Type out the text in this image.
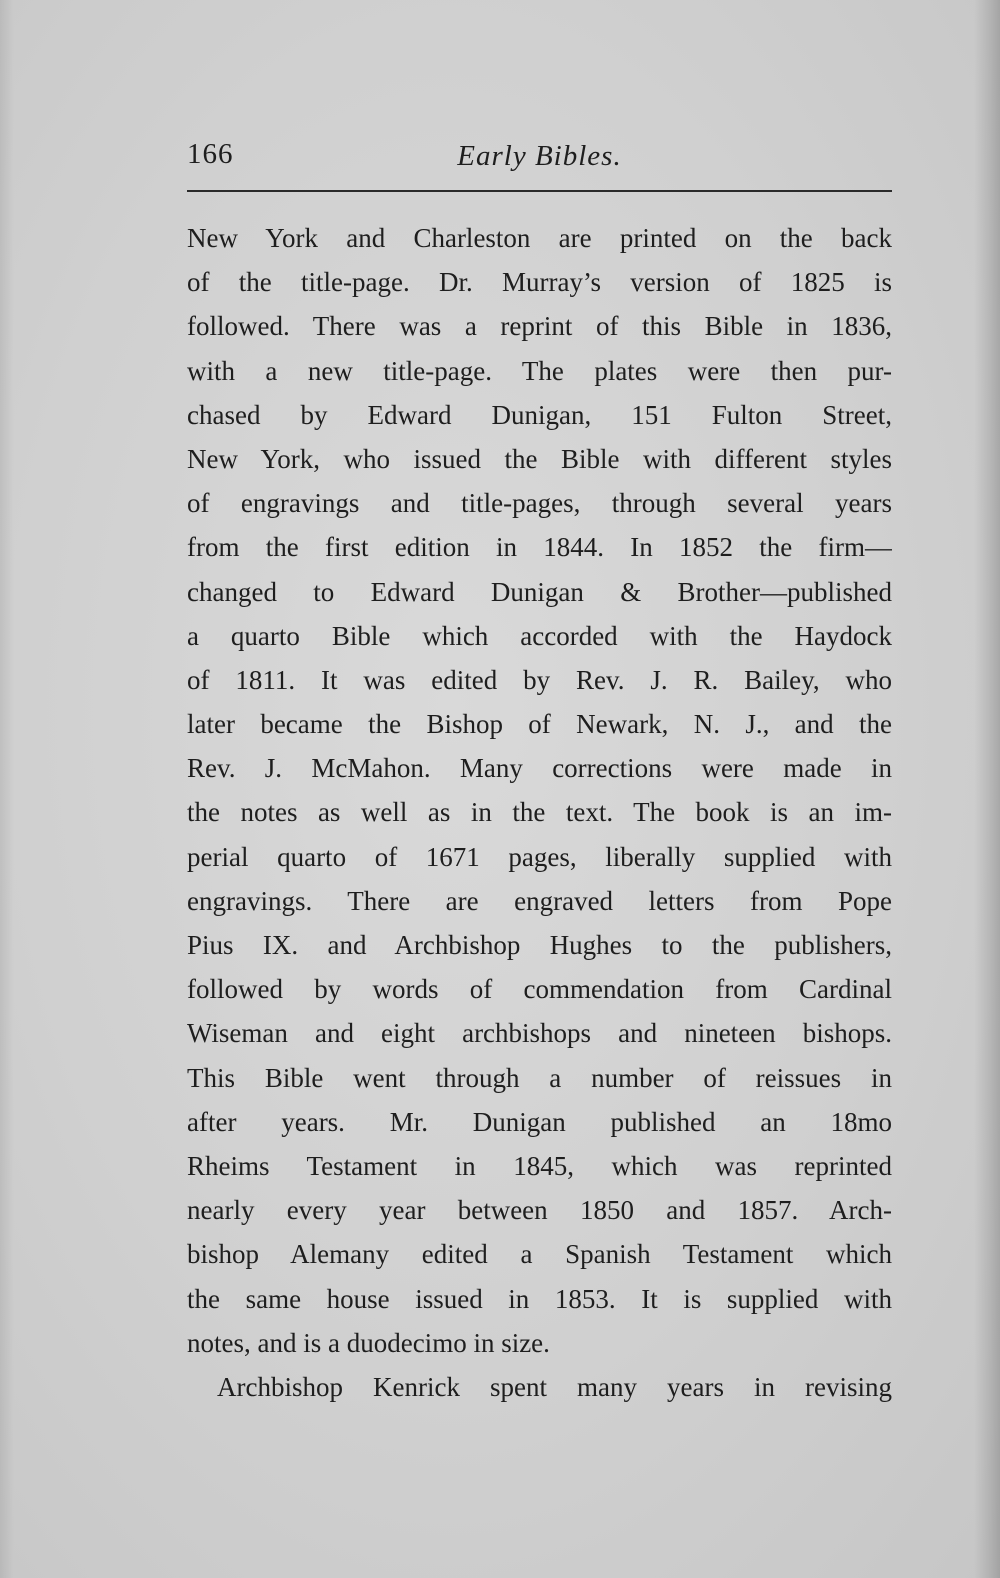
166	Early Bibles.
New York and Charleston are printed on the back
of the title-page. Dr. Murray’s version of 1825 is
followed. There was a reprint of this Bible in 1836,
with a new title-page. The plates were then pur-
chased by Edward Dunigan, 151 Fulton Street,
New York, who issued the Bible with different styles
of engravings and title-pages, through several years
from the first edition in 1844. In 1852 the firm—
changed to Edward Dunigan & Brother—published
a quarto Bible which accorded with the Haydock
of 1811. It was edited by Rev. J. R. Bailey, who
later became the Bishop of Newark, N. J., and the
Rev. J. McMahon. Many corrections were made in
the notes as well as in the text. The book is an im-
perial quarto of 1671 pages, liberally supplied with
engravings. There are engraved letters from Pope
Pius IX. and Archbishop Hughes to the publishers,
followed by words of commendation from Cardinal
Wiseman and eight archbishops and nineteen bishops.
This Bible went through a number of reissues in
after years. Mr. Dunigan published an 18mo
Rheims Testament in 1845, which was reprinted
nearly every year between 1850 and 1857. Arch-
bishop Alemany edited a Spanish Testament which
the same house issued in 1853. It is supplied with
notes, and is a duodecimo in size.
Archbishop Kenrick spent many years in revising
